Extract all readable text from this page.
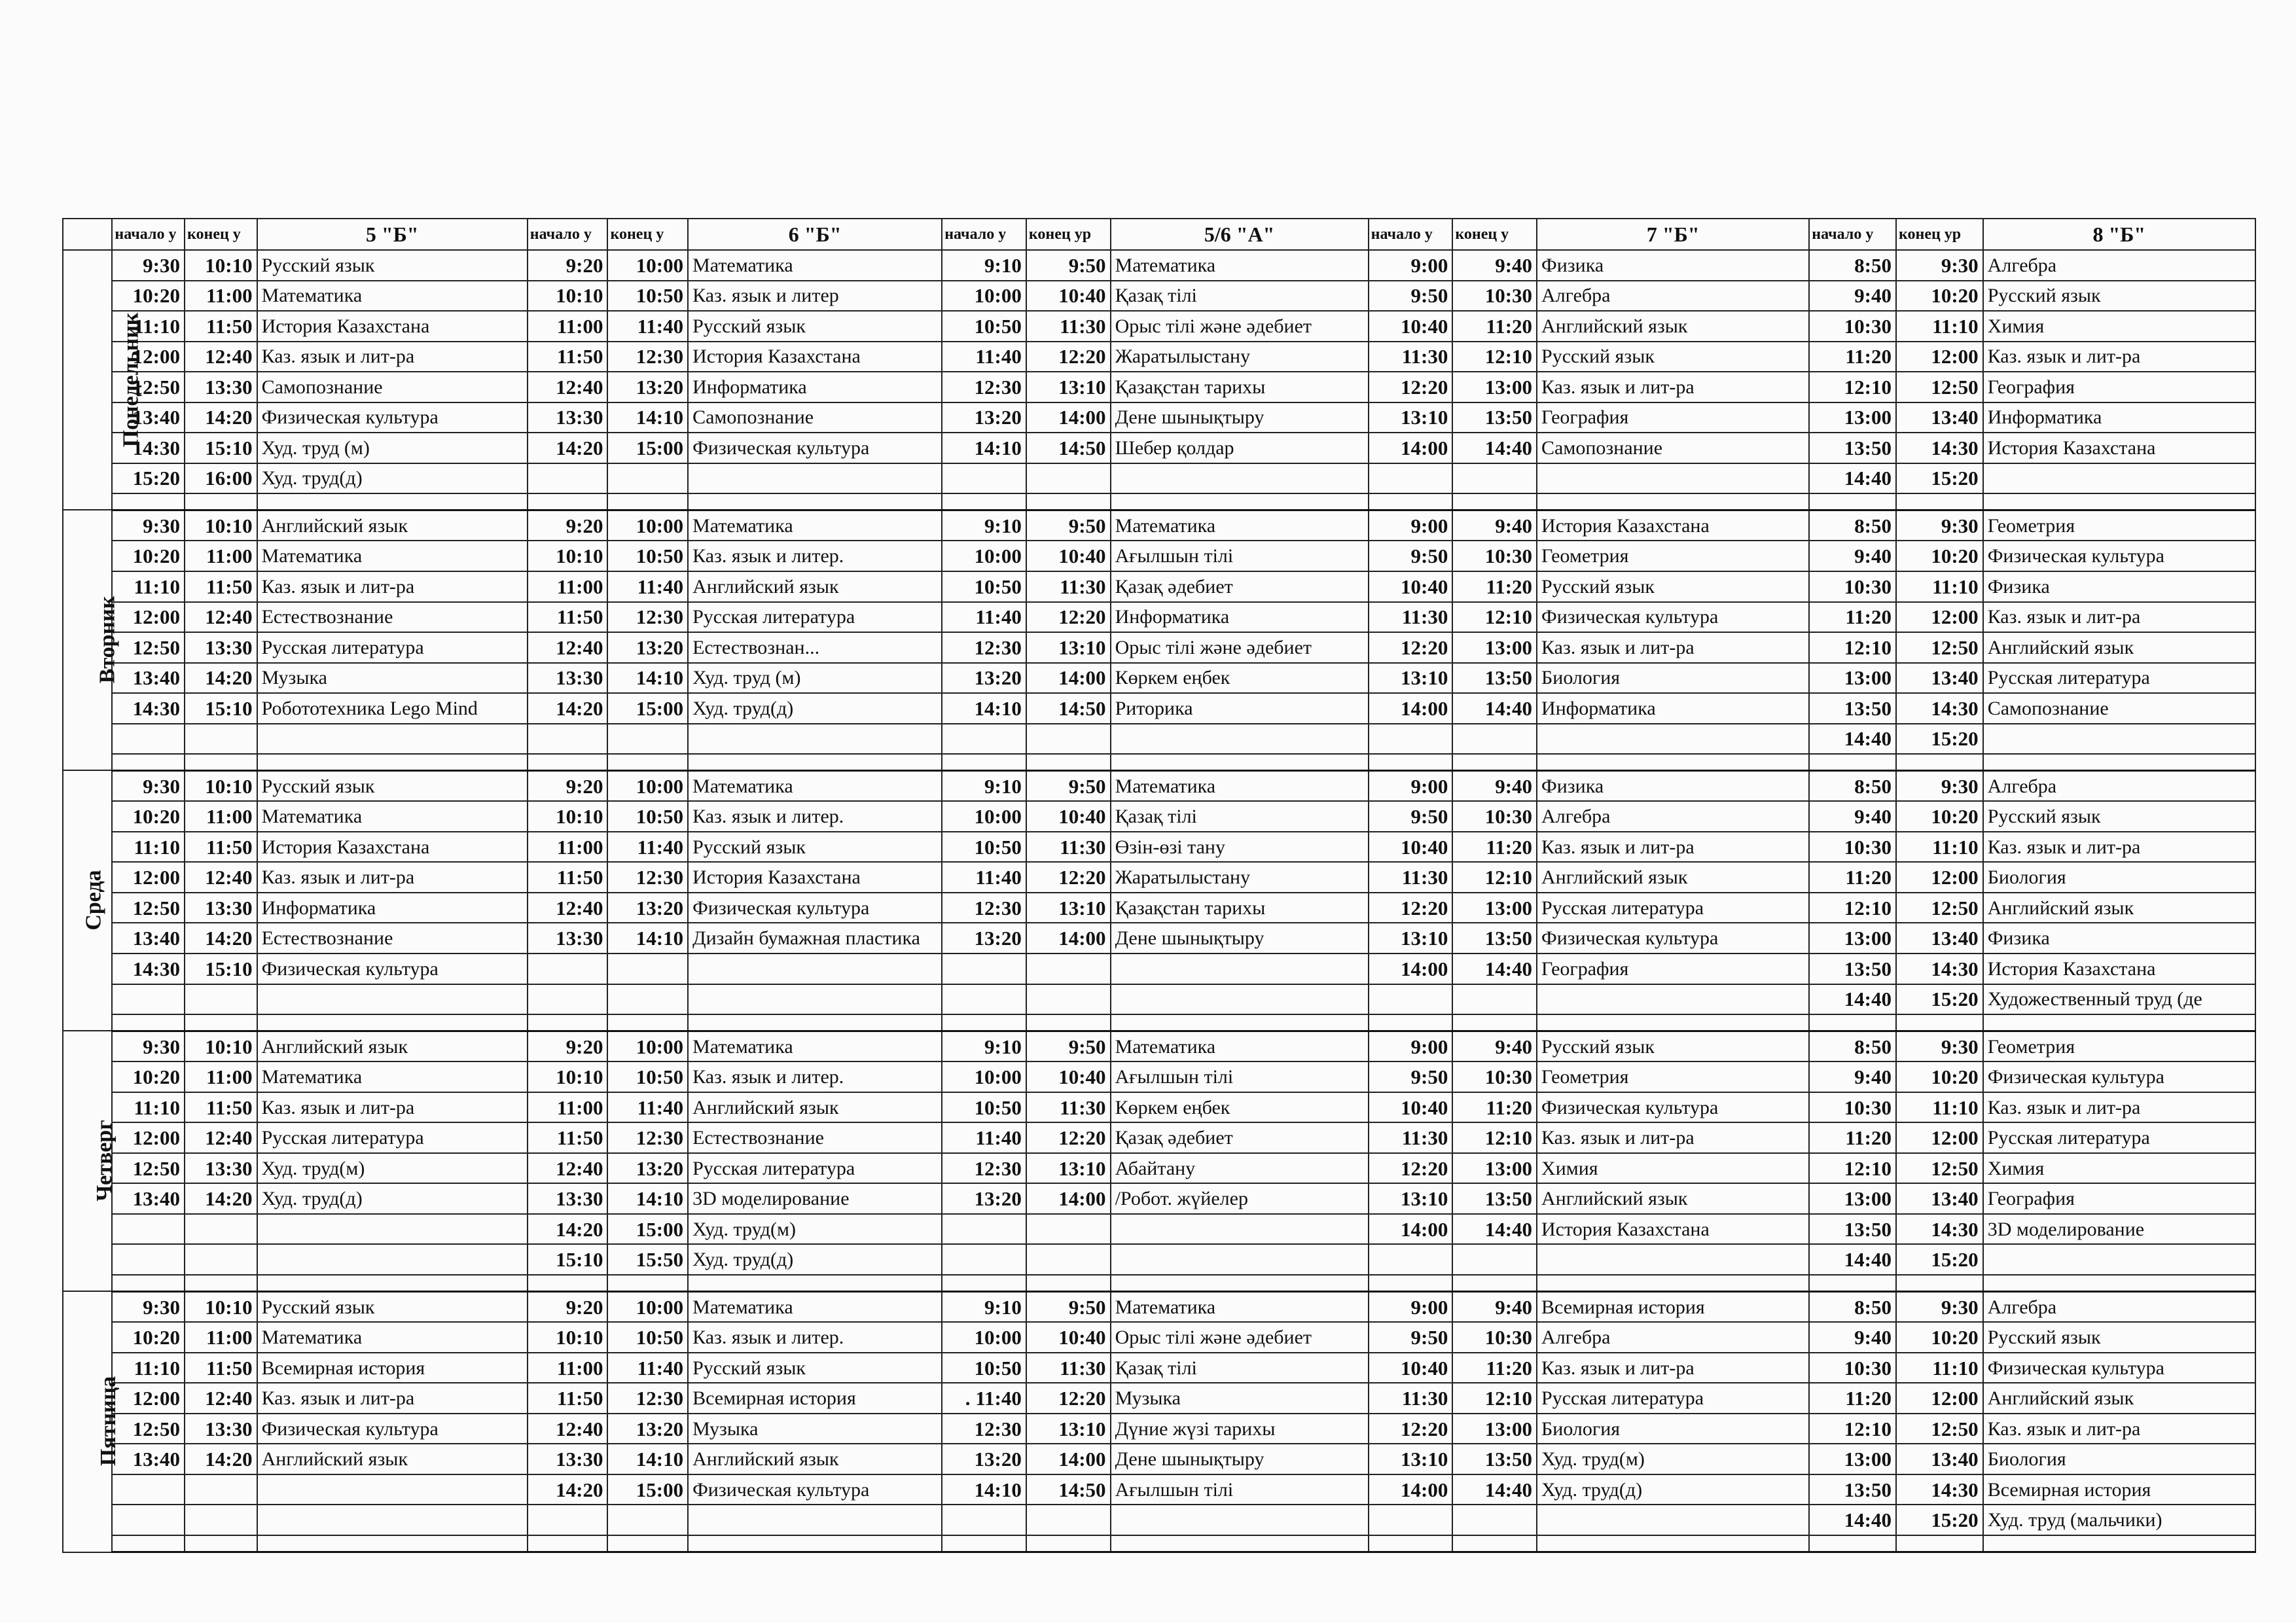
	начало у	конец у	5 "Б"	начало у	конец у	6 "Б"	начало у	конец ур	5/6 "А"	начало у	конец у	7 "Б"	начало у	конец ур	8 "Б"
Понедельник	9:30	10:10	Русский язык	9:20	10:00	Математика	9:10	9:50	Математика	9:00	9:40	Физика	8:50	9:30	Алгебра
	10:20	11:00	Математика	10:10	10:50	Каз. язык и литер	10:00	10:40	Қазақ тілі	9:50	10:30	Алгебра	9:40	10:20	Русский язык
	11:10	11:50	История Казахстана	11:00	11:40	Русский язык	10:50	11:30	Орыс тілі және әдебиет	10:40	11:20	Английский язык	10:30	11:10	Химия
	12:00	12:40	Каз. язык и лит-ра	11:50	12:30	История Казахстана	11:40	12:20	Жаратылыстану	11:30	12:10	Русский язык	11:20	12:00	Каз. язык и лит-ра
	12:50	13:30	Самопознание	12:40	13:20	Информатика	12:30	13:10	Қазақстан тарихы	12:20	13:00	Каз. язык и лит-ра	12:10	12:50	География
	13:40	14:20	Физическая культура	13:30	14:10	Самопознание	13:20	14:00	Дене шынықтыру	13:10	13:50	География	13:00	13:40	Информатика
	14:30	15:10	Худ. труд (м)	14:20	15:00	Физическая культура	14:10	14:50	Шебер қолдар	14:00	14:40	Самопознание	13:50	14:30	История Казахстана
	15:20	16:00	Худ. труд(д)										14:40	15:20	

Вторник	9:30	10:10	Английский язык	9:20	10:00	Математика	9:10	9:50	Математика	9:00	9:40	История Казахстана	8:50	9:30	Геометрия
	10:20	11:00	Математика	10:10	10:50	Каз. язык и литер.	10:00	10:40	Ағылшын тілі	9:50	10:30	Геометрия	9:40	10:20	Физическая культура
	11:10	11:50	Каз. язык и лит-ра	11:00	11:40	Английский язык	10:50	11:30	Қазақ әдебиет	10:40	11:20	Русский язык	10:30	11:10	Физика
	12:00	12:40	Естествознание	11:50	12:30	Русская литература	11:40	12:20	Информатика	11:30	12:10	Физическая культура	11:20	12:00	Каз. язык и лит-ра
	12:50	13:30	Русская литература	12:40	13:20	Естествознан...	12:30	13:10	Орыс тілі және әдебиет	12:20	13:00	Каз. язык и лит-ра	12:10	12:50	Английский язык
	13:40	14:20	Музыка	13:30	14:10	Худ. труд (м)	13:20	14:00	Көркем еңбек	13:10	13:50	Биология	13:00	13:40	Русская литература
	14:30	15:10	Робототехника Lego Mind	14:20	15:00	Худ. труд(д)	14:10	14:50	Риторика	14:00	14:40	Информатика	13:50	14:30	Самопознание
													14:40	15:20	

Среда	9:30	10:10	Русский язык	9:20	10:00	Математика	9:10	9:50	Математика	9:00	9:40	Физика	8:50	9:30	Алгебра
	10:20	11:00	Математика	10:10	10:50	Каз. язык и литер.	10:00	10:40	Қазақ тілі	9:50	10:30	Алгебра	9:40	10:20	Русский язык
	11:10	11:50	История Казахстана	11:00	11:40	Русский язык	10:50	11:30	Өзін-өзі тану	10:40	11:20	Каз. язык и лит-ра	10:30	11:10	Каз. язык и лит-ра
	12:00	12:40	Каз. язык и лит-ра	11:50	12:30	История Казахстана	11:40	12:20	Жаратылыстану	11:30	12:10	Английский язык	11:20	12:00	Биология
	12:50	13:30	Информатика	12:40	13:20	Физическая культура	12:30	13:10	Қазақстан тарихы	12:20	13:00	Русская литература	12:10	12:50	Английский язык
	13:40	14:20	Естествознание	13:30	14:10	Дизайн бумажная пластика	13:20	14:00	Дене шынықтыру	13:10	13:50	Физическая культура	13:00	13:40	Физика
	14:30	15:10	Физическая культура							14:00	14:40	География	13:50	14:30	История Казахстана
													14:40	15:20	Художественный труд (де

Четверг	9:30	10:10	Английский язык	9:20	10:00	Математика	9:10	9:50	Математика	9:00	9:40	Русский язык	8:50	9:30	Геометрия
	10:20	11:00	Математика	10:10	10:50	Каз. язык и литер.	10:00	10:40	Ағылшын тілі	9:50	10:30	Геометрия	9:40	10:20	Физическая культура
	11:10	11:50	Каз. язык и лит-ра	11:00	11:40	Английский язык	10:50	11:30	Көркем еңбек	10:40	11:20	Физическая культура	10:30	11:10	Каз. язык и лит-ра
	12:00	12:40	Русская литература	11:50	12:30	Естествознание	11:40	12:20	Қазақ әдебиет	11:30	12:10	Каз. язык и лит-ра	11:20	12:00	Русская литература
	12:50	13:30	Худ. труд(м)	12:40	13:20	Русская литература	12:30	13:10	Абайтану	12:20	13:00	Химия	12:10	12:50	Химия
	13:40	14:20	Худ. труд(д)	13:30	14:10	3D моделирование	13:20	14:00	/Робот. жүйелер	13:10	13:50	Английский язык	13:00	13:40	География
				14:20	15:00	Худ. труд(м)				14:00	14:40	История Казахстана	13:50	14:30	3D моделирование
				15:10	15:50	Худ. труд(д)							14:40	15:20	

Пятница	9:30	10:10	Русский язык	9:20	10:00	Математика	9:10	9:50	Математика	9:00	9:40	Всемирная история	8:50	9:30	Алгебра
	10:20	11:00	Математика	10:10	10:50	Каз. язык и литер.	10:00	10:40	Орыс тілі және әдебиет	9:50	10:30	Алгебра	9:40	10:20	Русский язык
	11:10	11:50	Всемирная история	11:00	11:40	Русский язык	10:50	11:30	Қазақ тілі	10:40	11:20	Каз. язык и лит-ра	10:30	11:10	Физическая культура
	12:00	12:40	Каз. язык и лит-ра	11:50	12:30	Всемирная история	. 11:40	12:20	Музыка	11:30	12:10	Русская литература	11:20	12:00	Английский язык
	12:50	13:30	Физическая культура	12:40	13:20	Музыка	12:30	13:10	Дүние жүзі тарихы	12:20	13:00	Биология	12:10	12:50	Каз. язык и лит-ра
	13:40	14:20	Английский язык	13:30	14:10	Английский язык	13:20	14:00	Дене шынықтыру	13:10	13:50	Худ. труд(м)	13:00	13:40	Биология
				14:20	15:00	Физическая культура	14:10	14:50	Ағылшын тілі	14:00	14:40	Худ. труд(д)	13:50	14:30	Всемирная история
													14:40	15:20	Худ. труд (мальчики)
